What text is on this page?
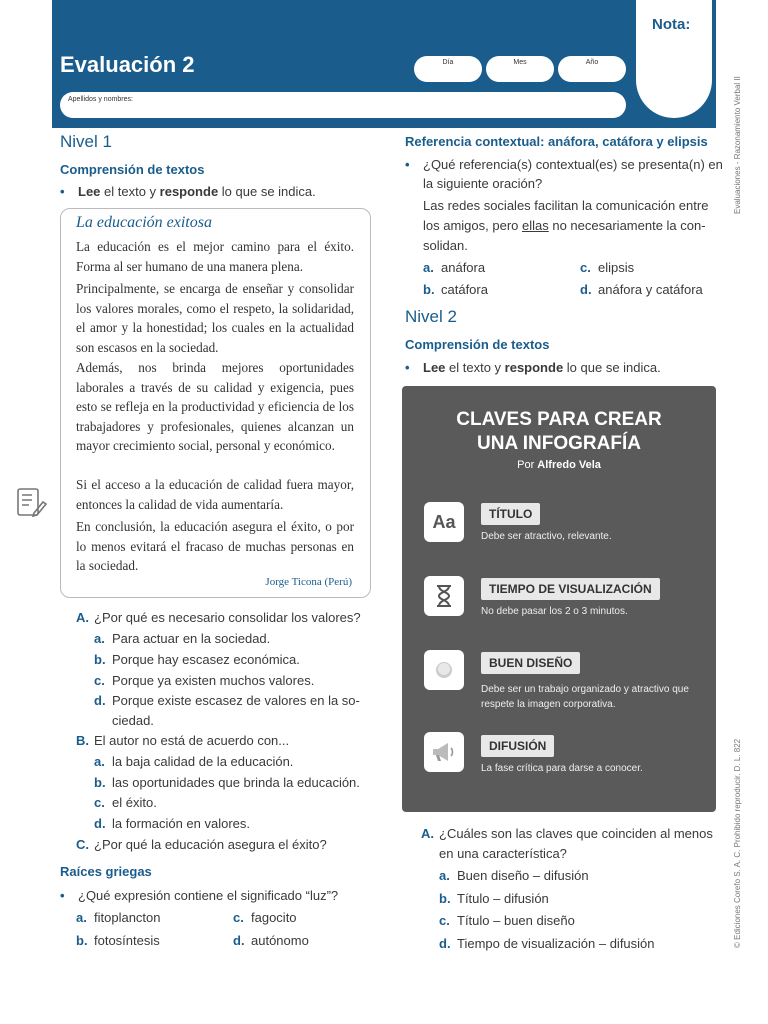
Nota:
Evaluación 2	Día	Mes	Año
Apellidos y nombres:	Evaluaciones - Razonamiento Verbal II
© Ediciones Corefo S. A. C. Prohibido reproducir. D. L. 822
Nivel 1
Comprensión de textos
• Lee el texto y responde lo que se indica.
La educación exitosa
La educación es el mejor camino para el éxito. Forma al ser humano de una manera plena.
Principalmente, se encarga de enseñar y consolidar los valores morales, como el respeto, la solidaridad, el amor y la honestidad; los cuales en la actualidad son escasos en la sociedad.
Además, nos brinda mejores oportunidades laborales a través de su calidad y exigencia, pues esto se refleja en la productividad y eficiencia de los trabajadores y profesionales, quienes alcanzan un mayor crecimiento social, personal y económico.
Si el acceso a la educación de calidad fuera mayor, entonces la calidad de vida aumentaría.
En conclusión, la educación asegura el éxito, o por lo menos evitará el fracaso de muchas personas en la sociedad.
Jorge Ticona (Perú)
A. ¿Por qué es necesario consolidar los valores?
a. Para actuar en la sociedad.
b. Porque hay escasez económica.
c. Porque ya existen muchos valores.
d. Porque existe escasez de valores en la so-
ciedad.
B. El autor no está de acuerdo con...
a. la baja calidad de la educación.
b. las oportunidades que brinda la educación.
c. el éxito.
d. la formación en valores.
C. ¿Por qué la educación asegura el éxito?
Raíces griegas
• ¿Qué expresión contiene el significado “luz”?
a. fitoplancton	c. fagocito
b. fotosíntesis	d. autónomo
Referencia contextual: anáfora, catáfora y elipsis
• ¿Qué referencia(s) contextual(es) se presenta(n) en
la siguiente oración?
Las redes sociales facilitan la comunicación entre
los amigos, pero ellas no necesariamente la con-
solidan.
a. anáfora	c. elipsis
b. catáfora	d. anáfora y catáfora
Nivel 2
Comprensión de textos
• Lee el texto y responde lo que se indica.
CLAVES PARA CREAR
UNA INFOGRAFÍA
Por Alfredo Vela
Aa	TÍTULO
Debe ser atractivo, relevante.
TIEMPO DE VISUALIZACIÓN
No debe pasar los 2 o 3 minutos.
BUEN DISEÑO
Debe ser un trabajo organizado y atractivo que respete la imagen corporativa.
DIFUSIÓN
La fase crítica para darse a conocer.
A. ¿Cuáles son las claves que coinciden al menos
en una característica?
a. Buen diseño – difusión
b. Título – difusión
c. Título – buen diseño
d. Tiempo de visualización – difusión
